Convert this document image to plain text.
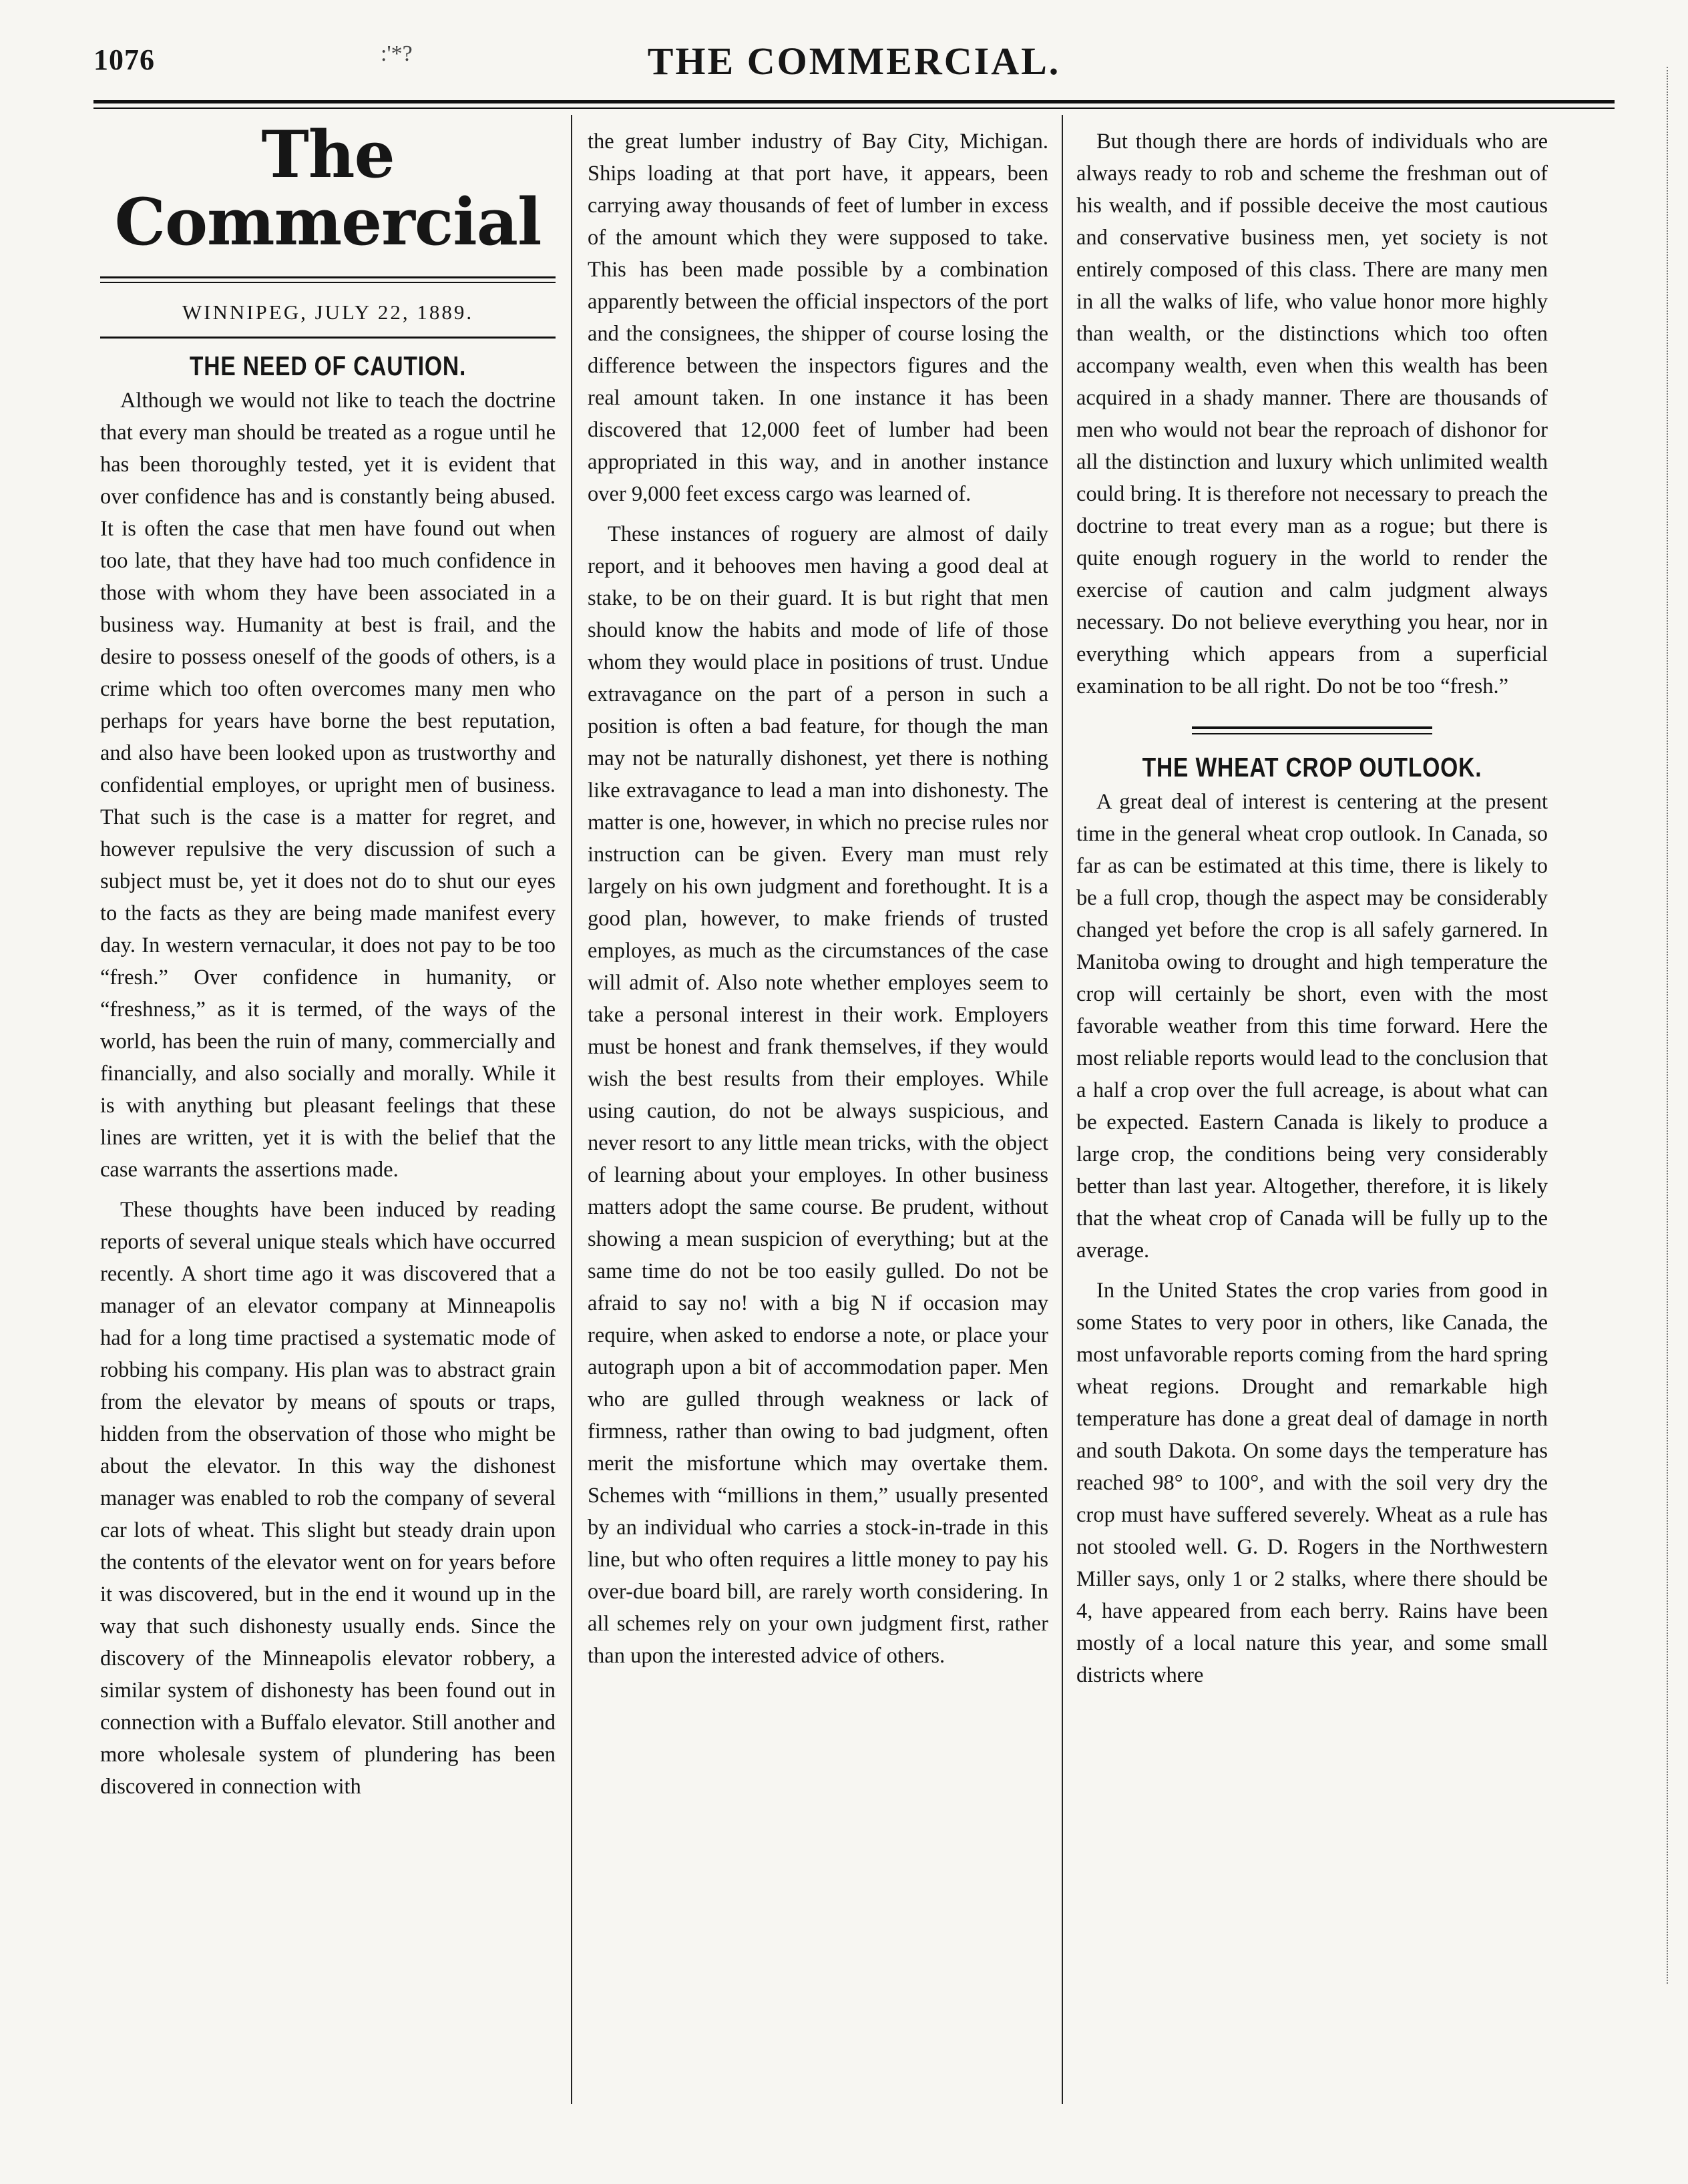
1076	:'*?	THE COMMERCIAL.
The Commercial
WINNIPEG, JULY 22, 1889.
THE NEED OF CAUTION.

Although we would not like to teach the doctrine that every man should be treated as a rogue until he has been thoroughly tested, yet it is evident that over confidence has and is constantly being abused. It is often the case that men have found out when too late, that they have had too much confidence in those with whom they have been associated in a business way. Humanity at best is frail, and the desire to possess oneself of the goods of others, is a crime which too often overcomes many men who perhaps for years have borne the best reputation, and also have been looked upon as trustworthy and confidential employes, or upright men of business. That such is the case is a matter for regret, and however repulsive the very discussion of such a subject must be, yet it does not do to shut our eyes to the facts as they are being made manifest every day. In western vernacular, it does not pay to be too “fresh.” Over confidence in humanity, or “freshness,” as it is termed, of the ways of the world, has been the ruin of many, commercially and financially, and also socially and morally. While it is with anything but pleasant feelings that these lines are written, yet it is with the belief that the case warrants the assertions made.

These thoughts have been induced by reading reports of several unique steals which have occurred recently. A short time ago it was discovered that a manager of an elevator company at Minneapolis had for a long time practised a systematic mode of robbing his company. His plan was to abstract grain from the elevator by means of spouts or traps, hidden from the observation of those who might be about the elevator. In this way the dishonest manager was enabled to rob the company of several car lots of wheat. This slight but steady drain upon the contents of the elevator went on for years before it was discovered, but in the end it wound up in the way that such dishonesty usually ends. Since the discovery of the Minneapolis elevator robbery, a similar system of dishonesty has been found out in connection with a Buffalo elevator. Still another and more wholesale system of plundering has been discovered in connection with

the great lumber industry of Bay City, Michigan. Ships loading at that port have, it appears, been carrying away thousands of feet of lumber in excess of the amount which they were supposed to take. This has been made possible by a combination apparently between the official inspectors of the port and the consignees, the shipper of course losing the difference between the inspectors figures and the real amount taken. In one instance it has been discovered that 12,000 feet of lumber had been appropriated in this way, and in another instance over 9,000 feet excess cargo was learned of.

These instances of roguery are almost of daily report, and it behooves men having a good deal at stake, to be on their guard. It is but right that men should know the habits and mode of life of those whom they would place in positions of trust. Undue extravagance on the part of a person in such a position is often a bad feature, for though the man may not be naturally dishonest, yet there is nothing like extravagance to lead a man into dishonesty. The matter is one, however, in which no precise rules nor instruction can be given. Every man must rely largely on his own judgment and forethought. It is a good plan, however, to make friends of trusted employes, as much as the circumstances of the case will admit of. Also note whether employes seem to take a personal interest in their work. Employers must be honest and frank themselves, if they would wish the best results from their employes. While using caution, do not be always suspicious, and never resort to any little mean tricks, with the object of learning about your employes. In other business matters adopt the same course. Be prudent, without showing a mean suspicion of everything; but at the same time do not be too easily gulled. Do not be afraid to say no! with a big N if occasion may require, when asked to endorse a note, or place your autograph upon a bit of accommodation paper. Men who are gulled through weakness or lack of firmness, rather than owing to bad judgment, often merit the misfortune which may overtake them. Schemes with “millions in them,” usually presented by an individual who carries a stock-in-trade in this line, but who often requires a little money to pay his over-due board bill, are rarely worth considering. In all schemes rely on your own judgment first, rather than upon the interested advice of others.

But though there are hords of individuals who are always ready to rob and scheme the freshman out of his wealth, and if possible deceive the most cautious and conservative business men, yet society is not entirely composed of this class. There are many men in all the walks of life, who value honor more highly than wealth, or the distinctions which too often accompany wealth, even when this wealth has been acquired in a shady manner. There are thousands of men who would not bear the reproach of dishonor for all the distinction and luxury which unlimited wealth could bring. It is therefore not necessary to preach the doctrine to treat every man as a rogue; but there is quite enough roguery in the world to render the exercise of caution and calm judgment always necessary. Do not believe everything you hear, nor in everything which appears from a superficial examination to be all right. Do not be too “fresh.”

THE WHEAT CROP OUTLOOK.

A great deal of interest is centering at the present time in the general wheat crop outlook. In Canada, so far as can be estimated at this time, there is likely to be a full crop, though the aspect may be considerably changed yet before the crop is all safely garnered. In Manitoba owing to drought and high temperature the crop will certainly be short, even with the most favorable weather from this time forward. Here the most reliable reports would lead to the conclusion that a half a crop over the full acreage, is about what can be expected. Eastern Canada is likely to produce a large crop, the conditions being very considerably better than last year. Altogether, therefore, it is likely that the wheat crop of Canada will be fully up to the average.

In the United States the crop varies from good in some States to very poor in others, like Canada, the most unfavorable reports coming from the hard spring wheat regions. Drought and remarkable high temperature has done a great deal of damage in north and south Dakota. On some days the temperature has reached 98° to 100°, and with the soil very dry the crop must have suffered severely. Wheat as a rule has not stooled well. G. D. Rogers in the Northwestern Miller says, only 1 or 2 stalks, where there should be 4, have appeared from each berry. Rains have been mostly of a local nature this year, and some small districts where
